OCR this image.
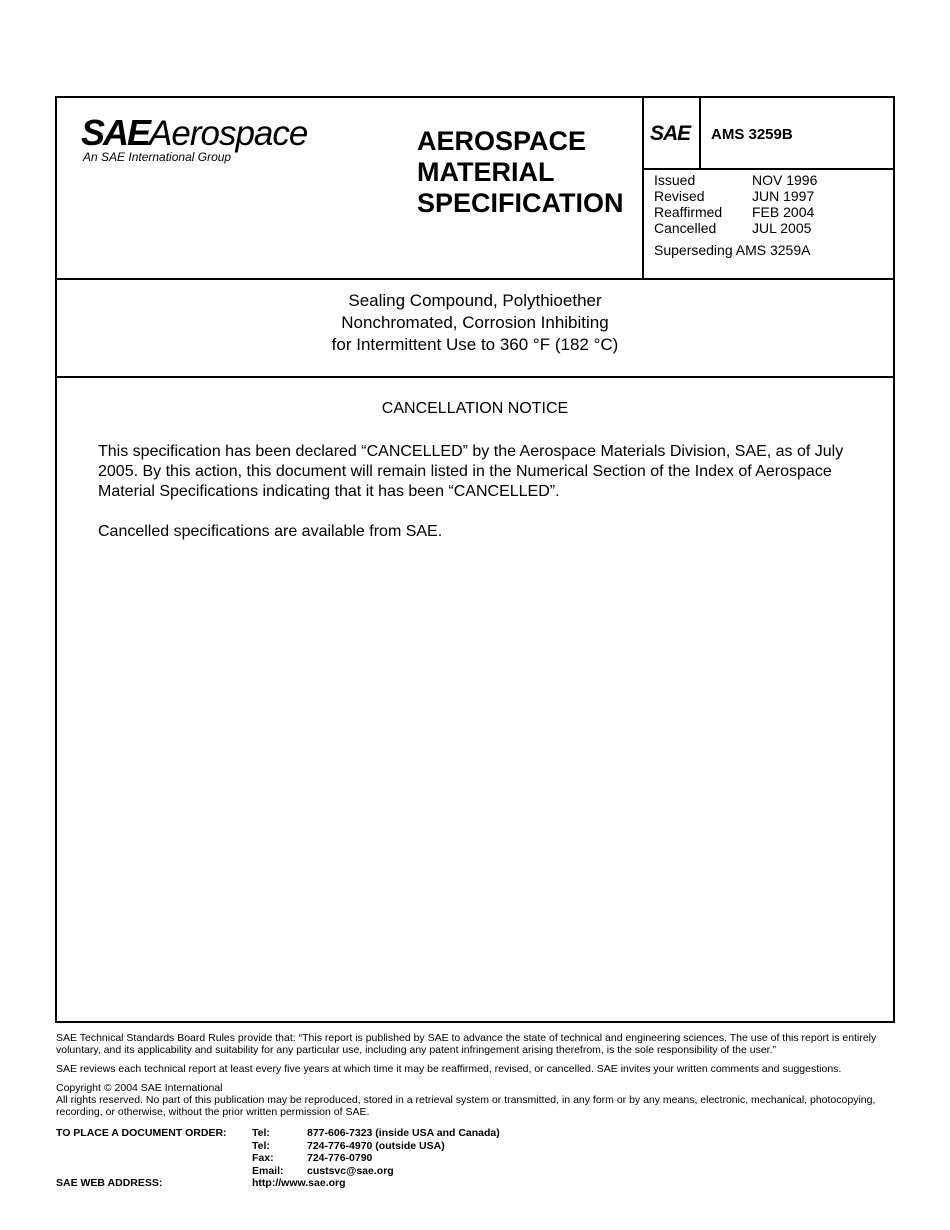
SAEAerospace
An SAE International Group
AEROSPACE
MATERIAL
SPECIFICATION
SAE AMS 3259B
Issued	NOV 1996
Revised	JUN 1997
Reaffirmed	FEB 2004
Cancelled	JUL 2005
Superseding AMS 3259A
Sealing Compound, Polythioether
Nonchromated, Corrosion Inhibiting
for Intermittent Use to 360 °F (182 °C)
CANCELLATION NOTICE

This specification has been declared “CANCELLED” by the Aerospace Materials Division, SAE, as of July 2005. By this action, this document will remain listed in the Numerical Section of the Index of Aerospace Material Specifications indicating that it has been “CANCELLED”.

Cancelled specifications are available from SAE.

SAE Technical Standards Board Rules provide that: “This report is published by SAE to advance the state of technical and engineering sciences. The use of this report is entirely voluntary, and its applicability and suitability for any particular use, including any patent infringement arising therefrom, is the sole responsibility of the user.”

SAE reviews each technical report at least every five years at which time it may be reaffirmed, revised, or cancelled. SAE invites your written comments and suggestions.

Copyright © 2004 SAE International
All rights reserved. No part of this publication may be reproduced, stored in a retrieval system or transmitted, in any form or by any means, electronic, mechanical, photocopying, recording, or otherwise, without the prior written permission of SAE.
TO PLACE A DOCUMENT ORDER:	Tel:	877-606-7323 (inside USA and Canada)
Tel:	724-776-4970 (outside USA)
Fax:	724-776-0790
Email:	custsvc@sae.org
SAE WEB ADDRESS:	http://www.sae.org
